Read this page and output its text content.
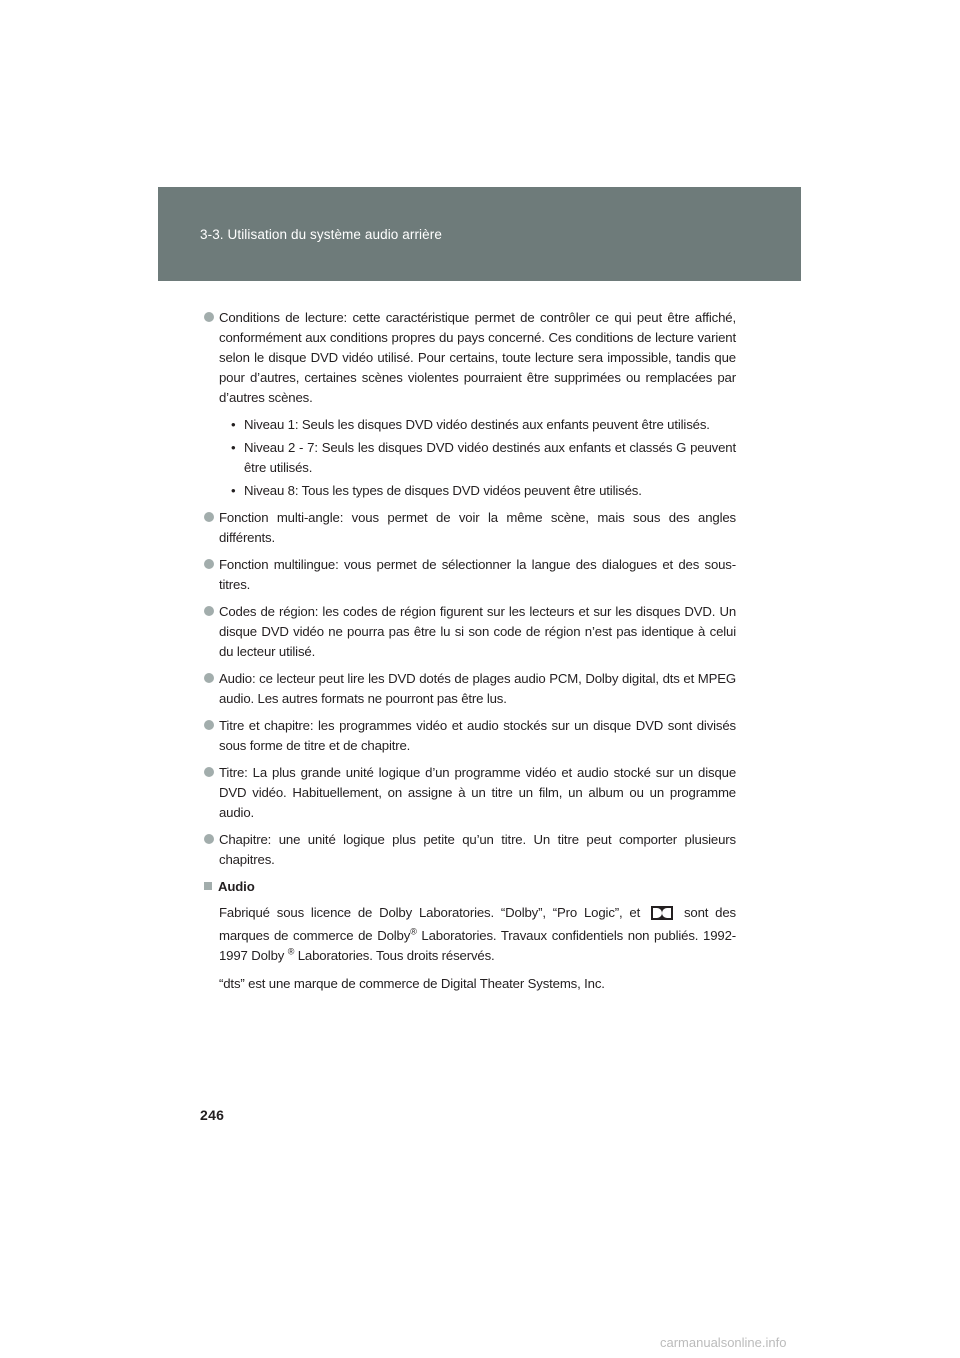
3-3. Utilisation du système audio arrière
Conditions de lecture: cette caractéristique permet de contrôler ce qui peut être affiché, conformément aux conditions propres du pays concerné. Ces conditions de lecture varient selon le disque DVD vidéo utilisé. Pour certains, toute lecture sera impossible, tandis que pour d’autres, certaines scènes violentes pourraient être supprimées ou remplacées par d’autres scènes.
• Niveau 1: Seuls les disques DVD vidéo destinés aux enfants peuvent être utilisés.
• Niveau 2 - 7: Seuls les disques DVD vidéo destinés aux enfants et classés G peuvent être utilisés.
• Niveau 8: Tous les types de disques DVD vidéos peuvent être utilisés.
Fonction multi-angle: vous permet de voir la même scène, mais sous des angles différents.
Fonction multilingue: vous permet de sélectionner la langue des dialogues et des sous-titres.
Codes de région: les codes de région figurent sur les lecteurs et sur les disques DVD. Un disque DVD vidéo ne pourra pas être lu si son code de région n’est pas identique à celui du lecteur utilisé.
Audio: ce lecteur peut lire les DVD dotés de plages audio PCM, Dolby digital, dts et MPEG audio. Les autres formats ne pourront pas être lus.
Titre et chapitre: les programmes vidéo et audio stockés sur un disque DVD sont divisés sous forme de titre et de chapitre.
Titre: La plus grande unité logique d’un programme vidéo et audio stocké sur un disque DVD vidéo. Habituellement, on assigne à un titre un film, un album ou un programme audio.
Chapitre: une unité logique plus petite qu’un titre. Un titre peut comporter plusieurs chapitres.
Audio
Fabriqué sous licence de Dolby Laboratories. “Dolby”, “Pro Logic”, et	sont des marques de commerce de Dolby® Laboratories. Travaux confidentiels non publiés. 1992-1997 Dolby ® Laboratories. Tous droits réservés.
“dts” est une marque de commerce de Digital Theater Systems, Inc.
246
carmanualsonline.info
